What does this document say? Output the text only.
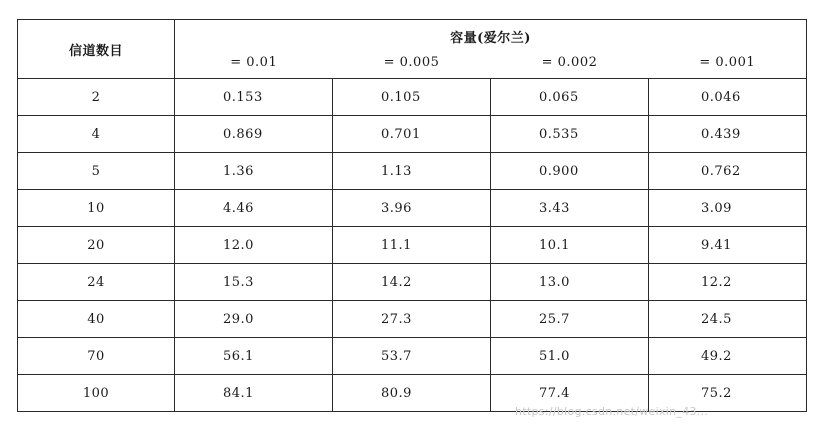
信道数目	容量(爱尔兰)			
	= 0.01	= 0.005	= 0.002	= 0.001
2	0.153	0.105	0.065	0.046
4	0.869	0.701	0.535	0.439
5	1.36	1.13	0.900	0.762
10	4.46	3.96	3.43	3.09
20	12.0	11.1	10.1	9.41
24	15.3	14.2	13.0	12.2
40	29.0	27.3	25.7	24.5
70	56.1	53.7	51.0	49.2
100	84.1	80.9	77.4	75.2
https://blog.csdn.net/weixin_43...
